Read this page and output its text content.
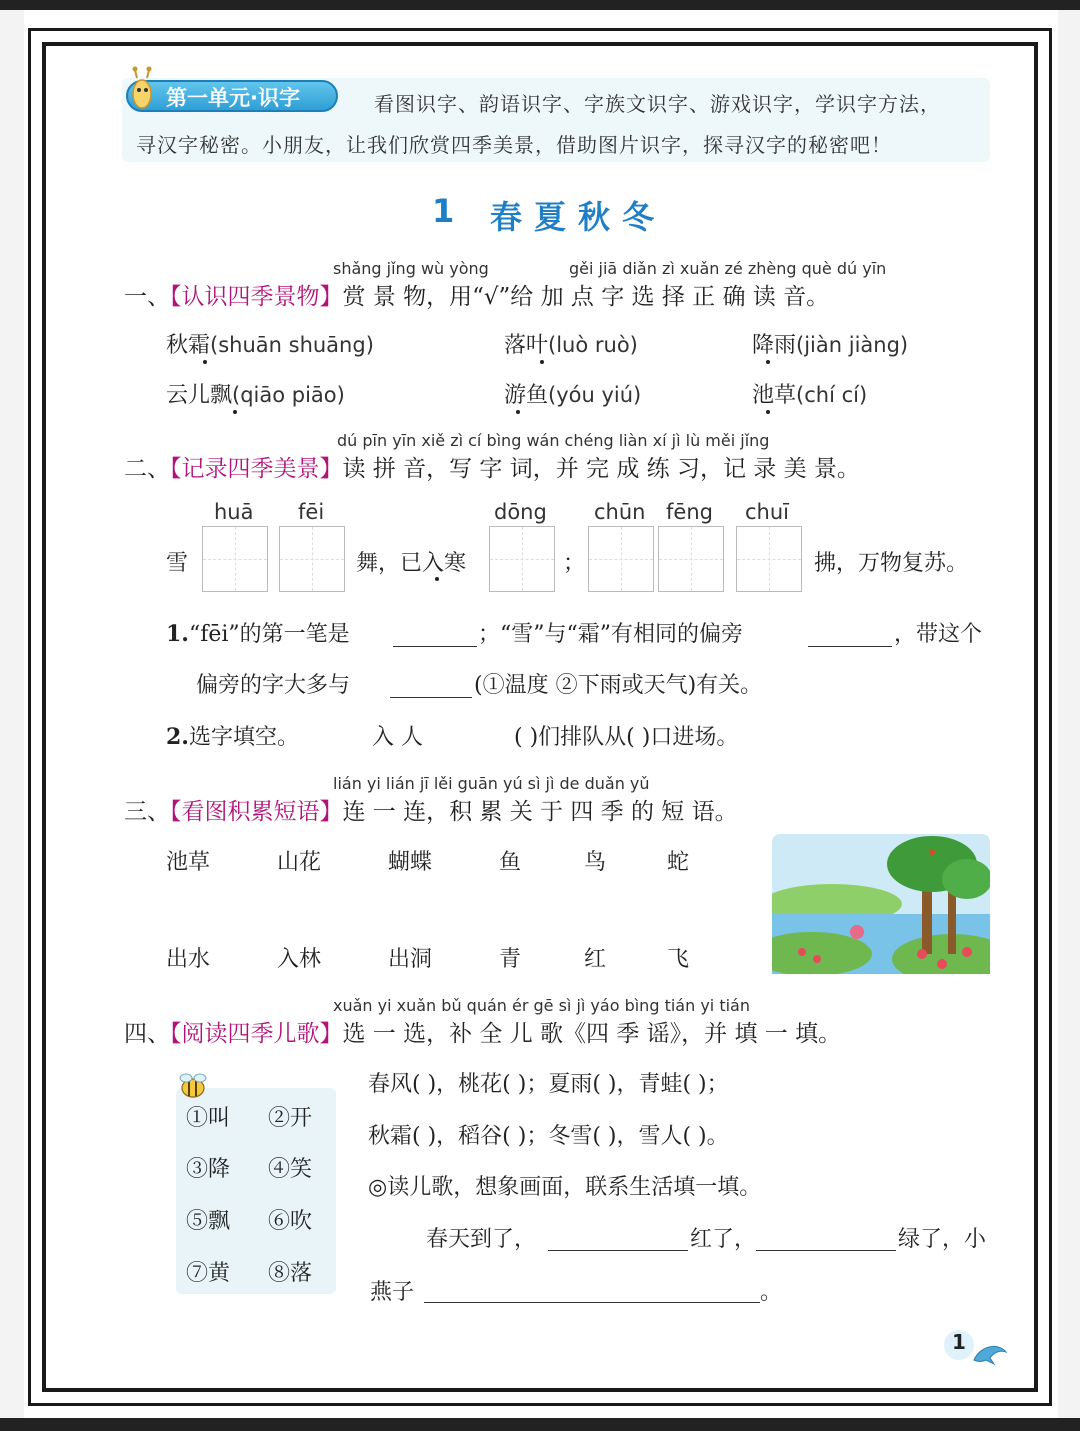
第一单元·识字	看图识字、韵语识字、字族文识字、游戏识字，学识字方法，
寻汉字秘密。小朋友，让我们欣赏四季美景，借助图片识字，探寻汉字的秘密吧！
1 春夏秋冬
shǎng jǐng wù yòng	gěi jiā diǎn zì xuǎn zé zhèng què dú yīn
一、【认识四季景物】赏 景 物，用“√”给 加 点 字 选 择 正 确 读 音。
秋霜(shuān shuāng)	落叶(luò ruò)	降雨(jiàn jiàng)
云儿飘(qiāo piāo)	游鱼(yóu yiú)	池草(chí cí)
dú pīn yīn xiě zì cí bìng wán chéng liàn xí jì lù měi jǐng
二、【记录四季美景】读 拼 音，写 字 词，并 完 成 练 习，记 录 美 景。
huā fēi	dōng chūn fēng chuī
雪	舞，已入寒	；	拂，万物复苏。
1.“fēi”的第一笔是	；“雪”与“霜”有相同的偏旁	，带这个
偏旁的字大多与	(①温度 ②下雨或天气)有关。
2.选字填空。	入 人	( )们排队从( )口进场。
lián yi lián jī lěi guān yú sì jì de duǎn yǔ
三、【看图积累短语】连 一 连，积 累 关 于 四 季 的 短 语。
池草	山花	蝴蝶	鱼	鸟	蛇
出水	入林	出洞	青	红	飞
xuǎn yi xuǎn bǔ quán ér gē sì jì yáo bìng tián yi tián
四、【阅读四季儿歌】选 一 选，补 全 儿 歌《四 季 谣》，并 填 一 填。
①叫 ②开
③降 ④笑
⑤飘 ⑥吹
⑦黄 ⑧落
春风( )，桃花( )；夏雨( )，青蛙( )；
秋霜( )，稻谷( )；冬雪( )，雪人( )。
◎读儿歌，想象画面，联系生活填一填。
春天到了，	红了，	绿了，小
燕子	。
1
